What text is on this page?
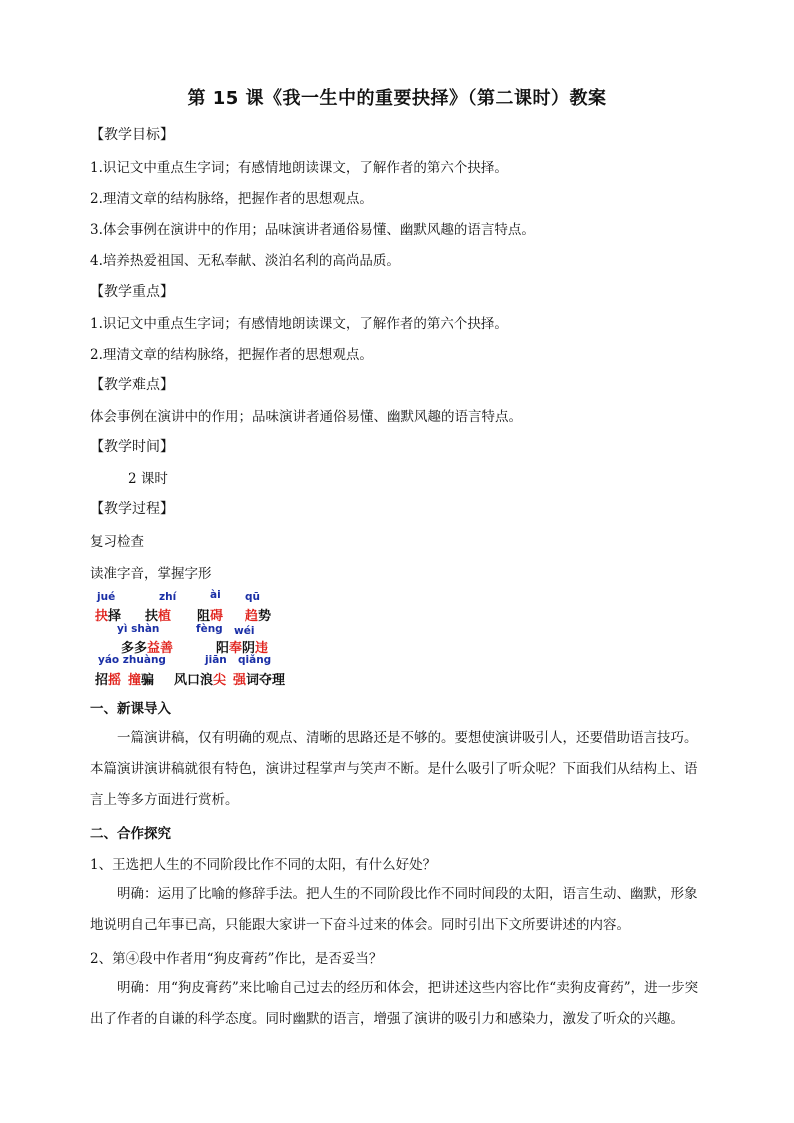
第 15 课《我一生中的重要抉择》（第二课时）教案
【教学目标】
1.识记文中重点生字词；有感情地朗读课文，了解作者的第六个抉择。
2.理清文章的结构脉络，把握作者的思想观点。
3.体会事例在演讲中的作用；品味演讲者通俗易懂、幽默风趣的语言特点。
4.培养热爱祖国、无私奉献、淡泊名利的高尚品质。
【教学重点】
1.识记文中重点生字词；有感情地朗读课文，了解作者的第六个抉择。
2.理清文章的结构脉络，把握作者的思想观点。
【教学难点】
体会事例在演讲中的作用；品味演讲者通俗易懂、幽默风趣的语言特点。
【教学时间】
2 课时
【教学过程】
复习检查
读准字音，掌握字形
jué	zhí	ài qū
抉择 扶植 阻碍 趋势
yì shàn	fèng wéi
多多益善	阳奉阴违
yáo zhuàng	jiān qiǎng
招摇 撞骗 风口浪尖 强词夺理
一、新课导入
一篇演讲稿，仅有明确的观点、清晰的思路还是不够的。要想使演讲吸引人，还要借助语言技巧。本篇演讲演讲稿就很有特色，演讲过程掌声与笑声不断。是什么吸引了听众呢？下面我们从结构上、语言上等多方面进行赏析。
二、合作探究
1、王选把人生的不同阶段比作不同的太阳，有什么好处？
明确：运用了比喻的修辞手法。把人生的不同阶段比作不同时间段的太阳，语言生动、幽默，形象地说明自己年事已高，只能跟大家讲一下奋斗过来的体会。同时引出下文所要讲述的内容。
2、第④段中作者用“狗皮膏药”作比，是否妥当？
明确：用“狗皮膏药”来比喻自己过去的经历和体会，把讲述这些内容比作“卖狗皮膏药”，进一步突出了作者的自谦的科学态度。同时幽默的语言，增强了演讲的吸引力和感染力，激发了听众的兴趣。
